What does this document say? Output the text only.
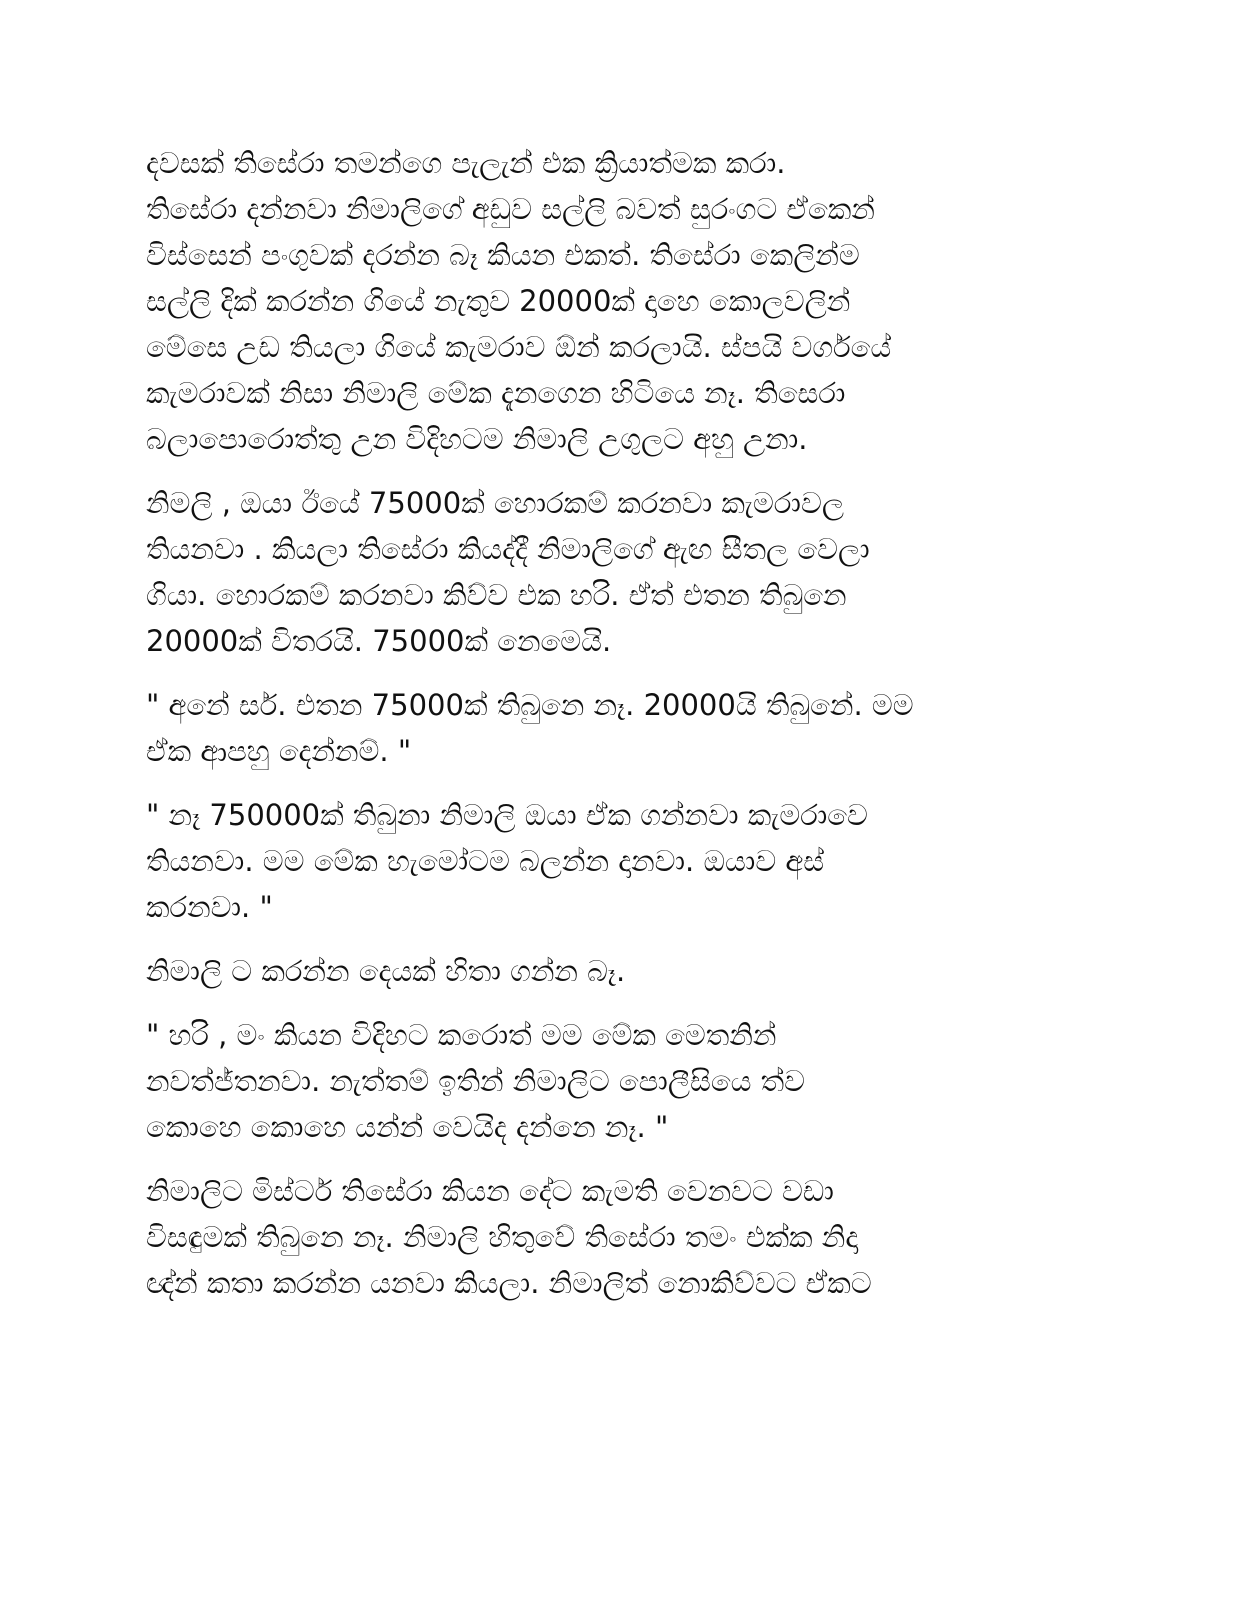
දවසක් තිසේරා තමන්ගෙ පැලැන් එක ක්‍රියාත්මක කරා.
තිසේරා දන්නවා නිමාලිගේ අඩුව සල්ලි බවත් සුරංගට ඒකෙන්
විස්සෙන් පංගුවක් දරන්න බෑ කියන එකත්. තිසේරා කෙලින්ම
සල්ලි දික් කරන්න ගියේ නැතුව 20000ක් දාහෙ කොලවලින්
මේසෙ උඩ තියලා ගියේ කැමරාව ඕන් කරලායි. ස්පයි වර්ගයේ
කැමරාවක් නිසා නිමාලි මේක දැනගෙන හිටියෙ නෑ. තිසෙරා
බලාපොරොත්තු උන විදිහටම නිමාලි උගුලට අහු උනා.
නිමලි , ඔයා ඊයේ 75000ක් හොරකම් කරනවා කැමරාවල
තියනවා . කියලා තිසේරා කියද්දී නිමාලිගේ ඇඟ සීතල වෙලා
ගියා. හොරකම් කරනවා කිව්ව එක හරි. ඒත් එතන තිබුනෙ
20000ක් විතරයි. 75000ක් නෙමෙයි.
" අනේ සර්. එතන 75000ක් තිබුනෙ නෑ. 20000යි තිබුනේ. මම
ඒක ආපහු දෙන්නම්. "
" නෑ 750000ක් තිබුනා නිමාලි ඔයා ඒක ගන්නවා කැමරාවෙ
තියනවා. මම මේක හැමෝටම බලන්න දානවා. ඔයාව අස්
කරනවා. "
නිමාලි ට කරන්න දෙයක් හිතා ගන්න බෑ.
" හරි , මං කියන විදිහට කරොත් මම මේක මෙතනින්
නවත්ජ්තනවා. නැත්තම් ඉතින් නිමාලිට පොලීසියෙ ත්ව
කොහෙ කොහෙ යන්න් වෙයිද දන්නෙ නෑ. "
නිමාලිට මිස්ටර් තිසේරා කියන දේට කැමති වෙනවට වඩා
විසඳුමක් තිබුනෙ නෑ. නිමාලි හිතුවේ තිසේරා තමං එක්ක නිදා
ඥ්න් කතා කරන්න යනවා කියලා. නිමාලිත් නොකිව්වට ඒකට
